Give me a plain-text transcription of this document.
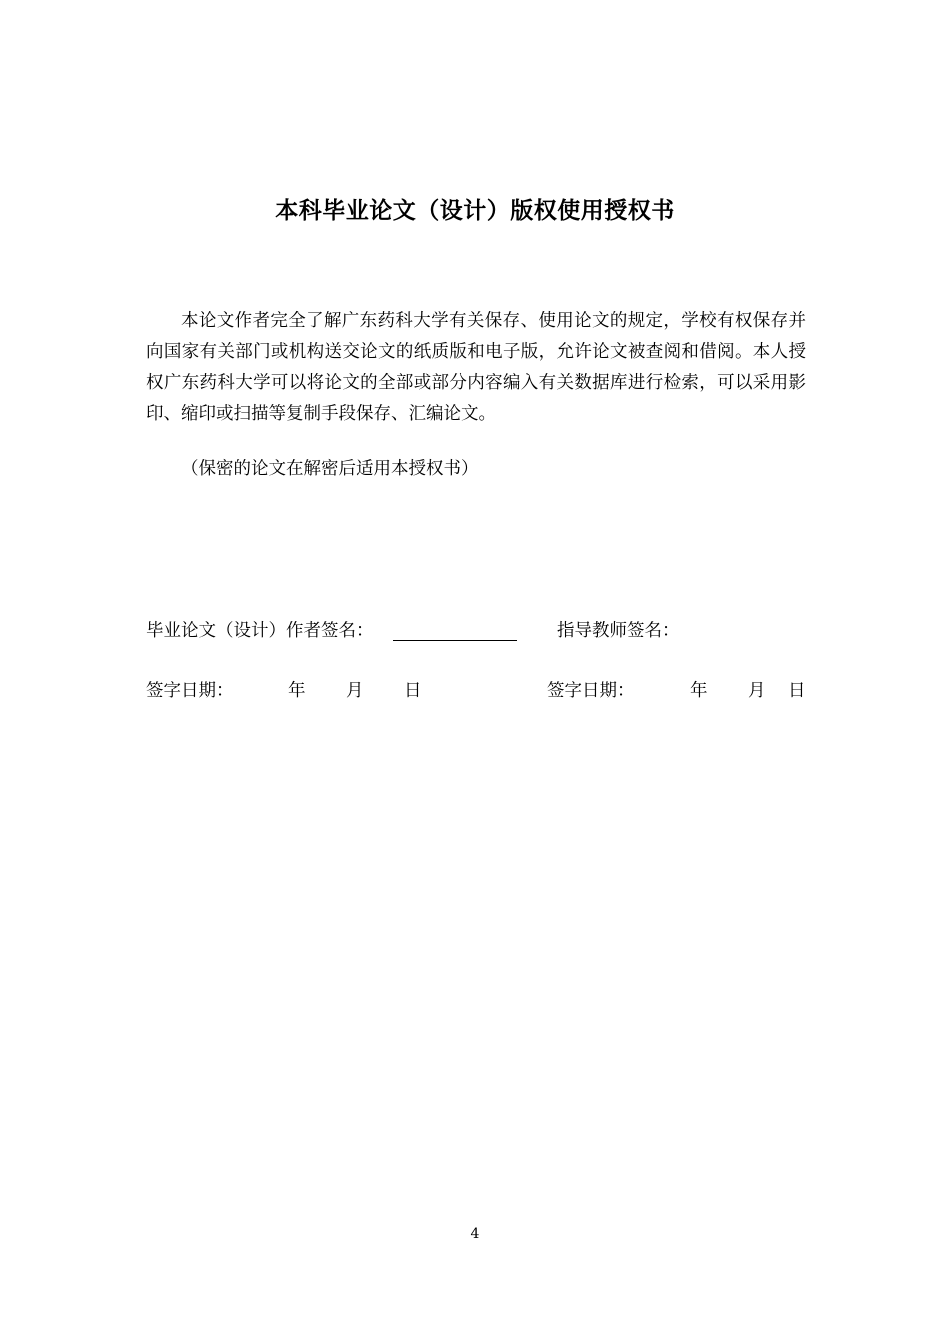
本科毕业论文（设计）版权使用授权书

本论文作者完全了解广东药科大学有关保存、使用论文的规定，学校有权保存并向国家有关部门或机构送交论文的纸质版和电子版，允许论文被查阅和借阅。本人授权广东药科大学可以将论文的全部或部分内容编入有关数据库进行检索，可以采用影印、缩印或扫描等复制手段保存、汇编论文。

（保密的论文在解密后适用本授权书）
毕业论文（设计）作者签名：	指导教师签名：
签字日期：	年 月 日	签字日期：	年 月 日
4
